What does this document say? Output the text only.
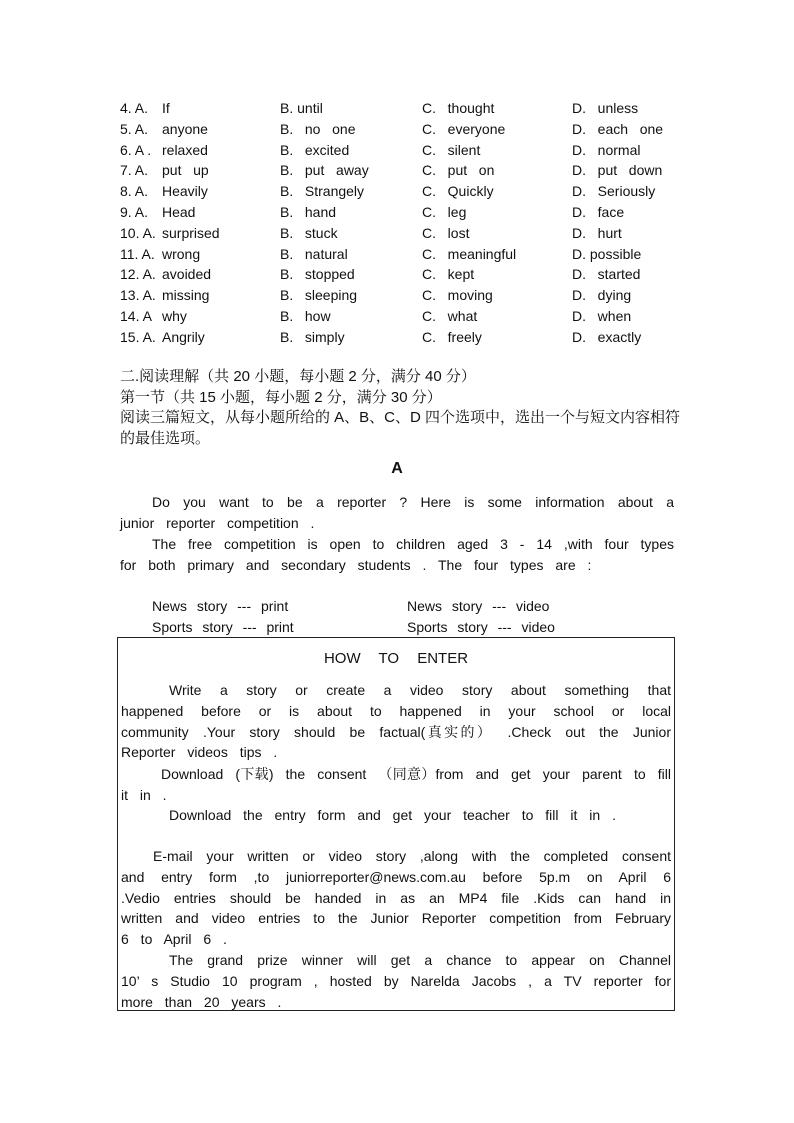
4. A. If	B. until	C.   thought	D.   unless
5. A. anyone	B.   no   one	C.   everyone	D.   each   one
6. A . relaxed	B.   excited	C.   silent	D.   normal
7. A. put   up	B.   put   away	C.   put   on	D.   put   down
8. A. Heavily	B.   Strangely	C.   Quickly	D.   Seriously
9. A. Head	B.   hand	C.   leg	D.   face
10. A. surprised	B.   stuck	C.   lost	D.   hurt
11. A. wrong	B.   natural	C.   meaningful	D. possible
12. A. avoided	B.   stopped	C.   kept	D.   started
13. A. missing	B.   sleeping	C.   moving	D.   dying
14. A why	B.   how	C.   what	D.   when
15. A. Angrily	B.   simply	C.   freely	D.   exactly
二.阅读理解（共 20 小题，每小题 2 分，满分 40 分）
第一节（共 15 小题，每小题 2 分，满分 30 分）
阅读三篇短文，从每小题所给的 A、B、C、D 四个选项中，选出一个与短文内容相符的最佳选项。
A
Do you want to be a reporter ? Here is some information about a junior reporter competition .
The free competition is open to children aged 3 - 14 ,with four types for both primary and secondary students . The four types are :
News story --- print	News story --- video
Sports story --- print	Sports story --- video
HOW TO ENTER
Write a story or create a video story about something that happened before or is about to happened in your school or local community .Your story should be factual(真实的） .Check out the Junior Reporter videos tips .
Download (下载) the consent （同意）from and get your parent to fill it in .
Download the entry form and get your teacher to fill it in .
E-mail your written or video story ,along with the completed consent and entry form ,to juniorreporter@news.com.au before 5p.m on April 6 .Vedio entries should be handed in as an MP4 file .Kids can hand in written and video entries to the Junior Reporter competition from February 6 to April 6 .
The grand prize winner will get a chance to appear on Channel 10’ s Studio 10 program , hosted by Narelda Jacobs , a TV reporter for more than 20 years .
